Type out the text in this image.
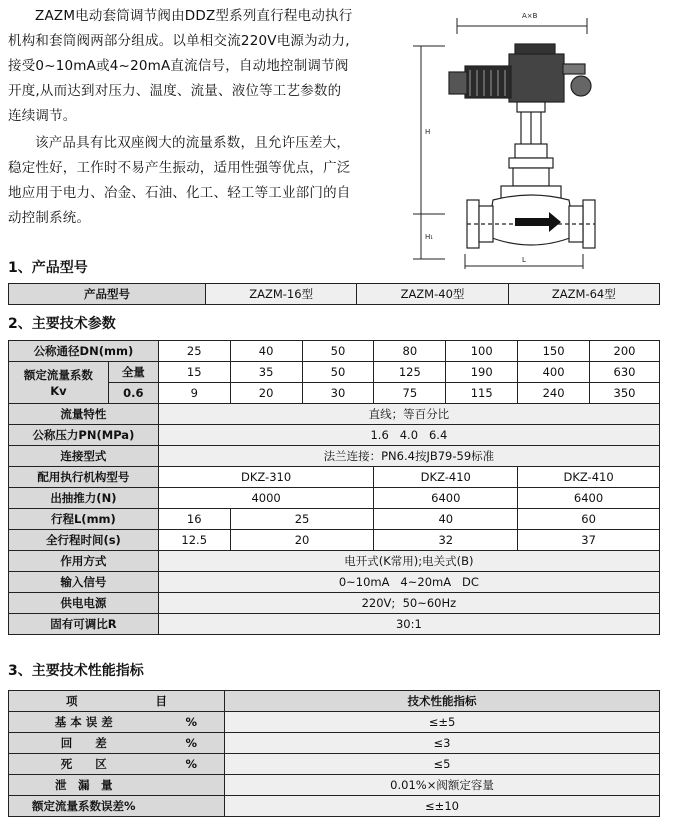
ZAZM电动套筒调节阀由DDZ型系列直行程电动执行机构和套筒阀两部分组成。以单相交流220V电源为动力,接受0~10mA或4~20mA直流信号，自动地控制调节阀开度,从而达到对压力、温度、流量、液位等工艺参数的连续调节。

该产品具有比双座阀大的流量系数，且允许压差大，稳定性好，工作时不易产生振动，适用性强等优点，广泛地应用于电力、冶金、石油、化工、轻工等工业部门的自动控制系统。

A×B
H
H₁
L
1、产品型号
产品型号	ZAZM-16型	ZAZM-40型	ZAZM-64型
2、主要技术参数
公称通径DN(mm)		25	40	50	80	100	150	200
额定流量系数
Kv	全量	15	35	50	125	190	400	630
	0.6	9	20	30	75	115	240	350
流量特性		直线；等百分比						
公称压力PN(MPa)		1.6   4.0   6.4						
连接型式		法兰连接：PN6.4按JB79-59标准						
配用执行机构型号		DKZ-310			DKZ-410		DKZ-410	
出抽推力(N)		4000			6400		6400	
行程L(mm)		16	25		40		60	
全行程时间(s)		12.5	20		32		37	
作用方式		电开式(K常用);电关式(B)						
输入信号		0~10mA   4~20mA   DC						
供电电源		220V;  50~60Hz						
固有可调比R		30:1						
3、主要技术性能指标
项 目		技术性能指标
基 本 误 差	%	≤±5
回　　差	%	≤3
死　　区	%	≤5
泄　漏　量		0.01%×阀额定容量
额定流量系数误差%		≤±10
